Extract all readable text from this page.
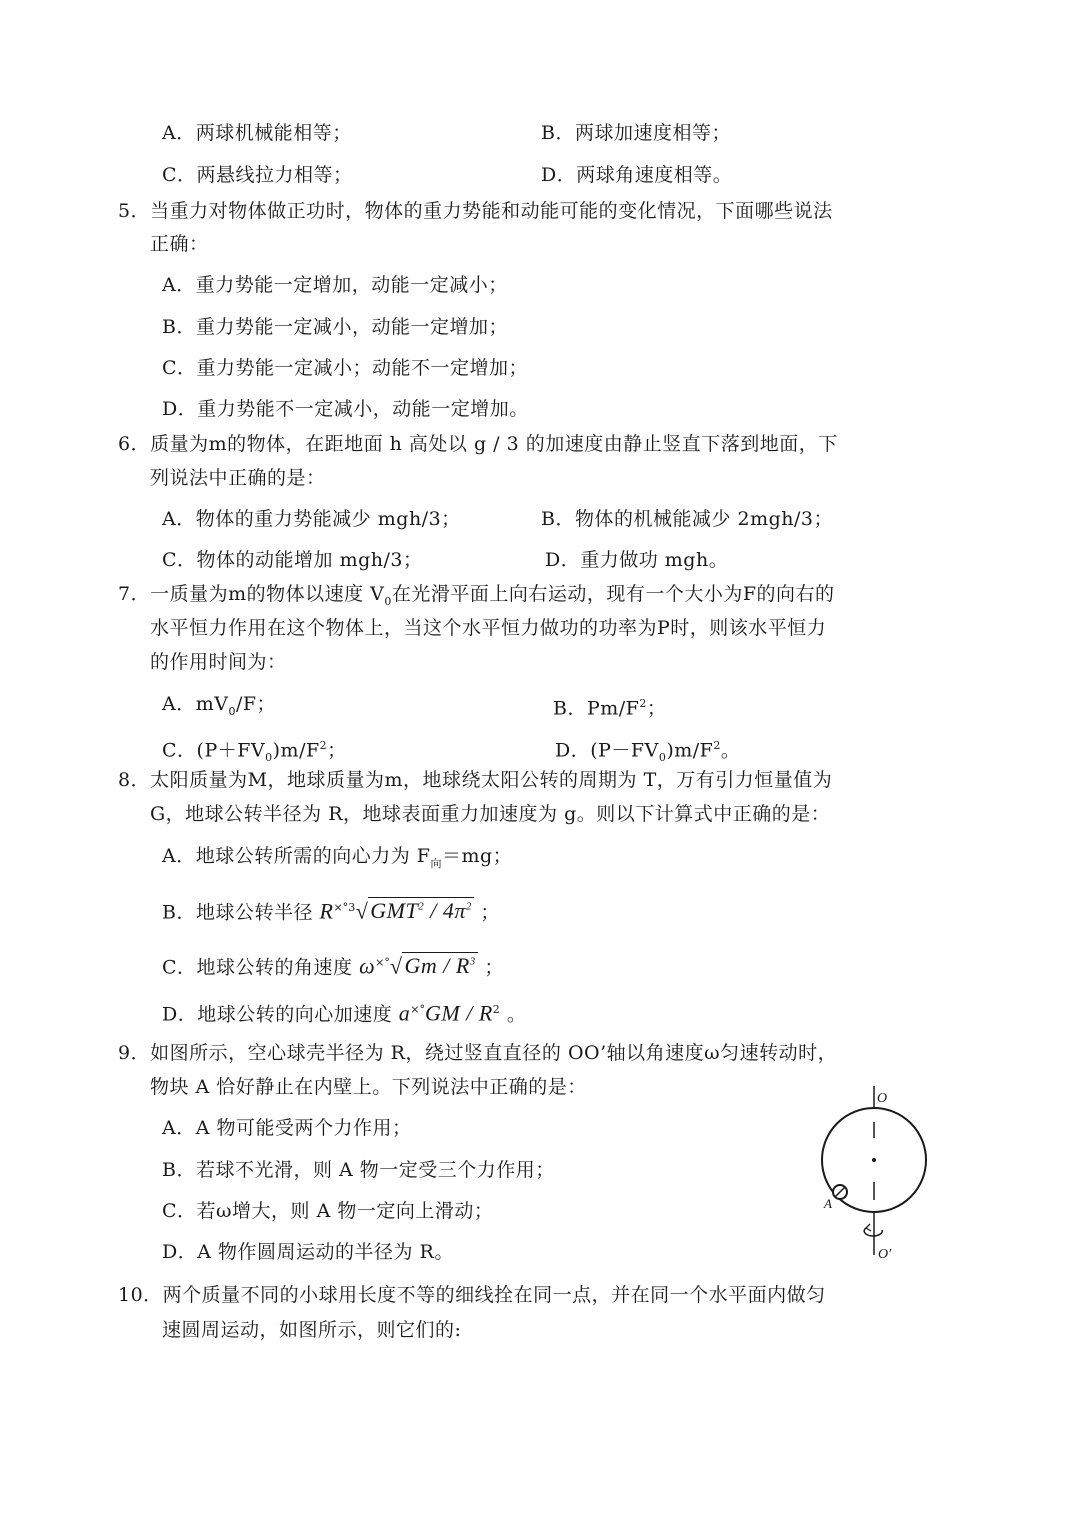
A．两球机械能相等；	B．两球加速度相等；
C．两悬线拉力相等；	D．两球角速度相等。
5．当重力对物体做正功时，物体的重力势能和动能可能的变化情况，下面哪些说法
正确：
A．重力势能一定增加，动能一定减小；
B．重力势能一定减小，动能一定增加；
C．重力势能一定减小；动能不一定增加；
D．重力势能不一定减小，动能一定增加。
6．质量为m的物体，在距地面 h 高处以 g / 3 的加速度由静止竖直下落到地面，下
列说法中正确的是：
A．物体的重力势能减少 mgh/3；	B．物体的机械能减少 2mgh/3；
C．物体的动能增加 mgh/3；	D．重力做功 mgh。
7．一质量为m的物体以速度 $V_0$在光滑平面上向右运动，现有一个大小为F的向右的
水平恒力作用在这个物体上，当这个水平恒力做功的功率为P时，则该水平恒力
的作用时间为：
A．$mV_0/F$；	B．$Pm/F^2$；
C．$(P+FV_0)m/F^2$；	D．$(P-FV_0)m/F^2$。
8．太阳质量为M，地球质量为m，地球绕太阳公转的周期为 T，万有引力恒量值为
G，地球公转半径为 R，地球表面重力加速度为 g。则以下计算式中正确的是：
A．地球公转所需的向心力为 $F_向=mg$；
B．地球公转半径 $R^{\times^\circ 3}√GMT^2 / 4\pi^2$ ；
C．地球公转的角速度 $\omega^{\times^\circ}√Gm / R^3$ ；
D．地球公转的向心加速度 $a^{\times^\circ}GM / R^2$ 。
9．如图所示，空心球壳半径为 R，绕过竖直直径的 OO’轴以角速度ω匀速转动时，
物块 A 恰好静止在内壁上。下列说法中正确的是：
A．A 物可能受两个力作用；
B．若球不光滑，则 A 物一定受三个力作用；
C．若ω增大，则 A 物一定向上滑动；
D．A 物作圆周运动的半径为 R。
O
A
O′
10．两个质量不同的小球用长度不等的细线拴在同一点，并在同一个水平面内做匀
速圆周运动，如图所示，则它们的:
